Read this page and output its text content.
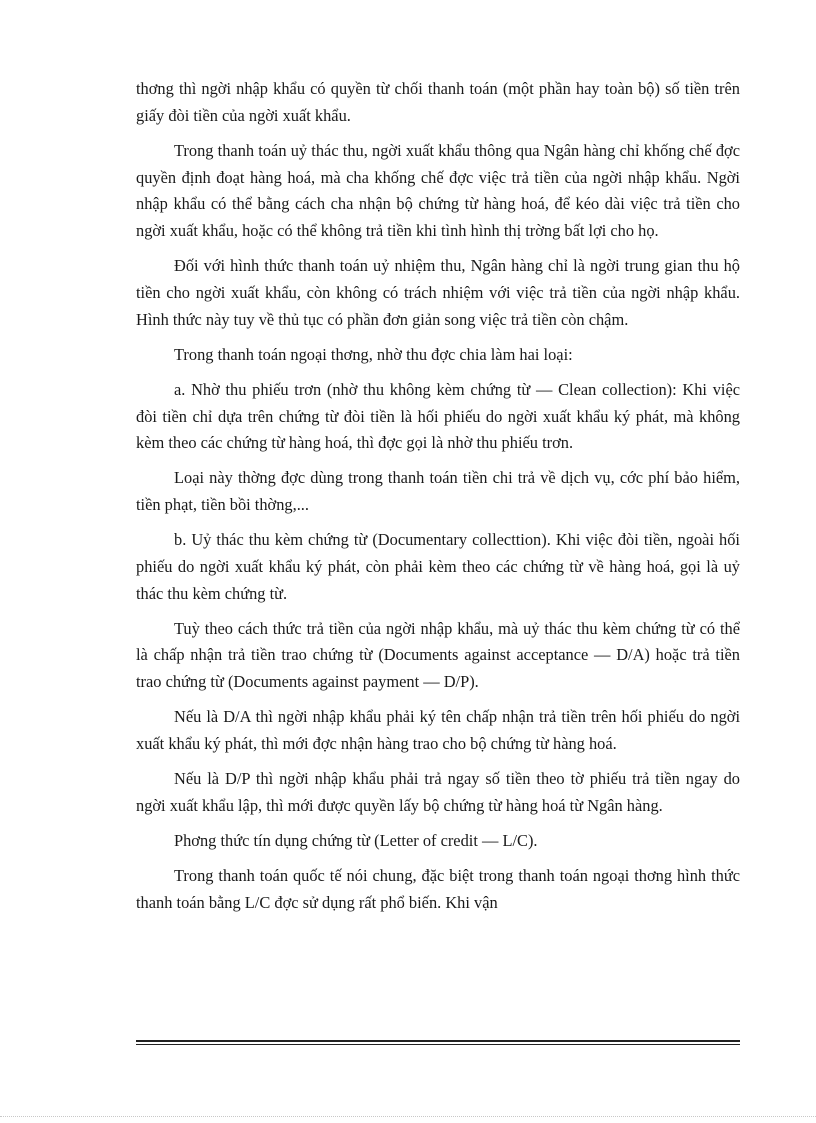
thơng thì ngời nhập khẩu có quyền từ chối thanh toán (một phần hay toàn bộ) số tiền trên giấy đòi tiền của ngời xuất khẩu.

Trong thanh toán uỷ thác thu, ngời xuất khẩu thông qua Ngân hàng chỉ khống chế đợc quyền định đoạt hàng hoá, mà cha khống chế đợc việc trả tiền của ngời nhập khẩu. Ngời nhập khẩu có thể bằng cách cha nhận bộ chứng từ hàng hoá, để kéo dài việc trả tiền cho ngời xuất khẩu, hoặc có thể không trả tiền khi tình hình thị trờng bất lợi cho họ.

Đối với hình thức thanh toán uỷ nhiệm thu, Ngân hàng chỉ là ngời trung gian thu hộ tiền cho ngời xuất khẩu, còn không có trách nhiệm với việc trả tiền của ngời nhập khẩu. Hình thức này tuy về thủ tục có phần đơn giản song việc trả tiền còn chậm.

Trong thanh toán ngoại thơng, nhờ thu đợc chia làm hai loại:

a. Nhờ thu phiếu trơn (nhờ thu không kèm chứng từ — Clean collection): Khi việc đòi tiền chỉ dựa trên chứng từ đòi tiền là hối phiếu do ngời xuất khẩu ký phát, mà không kèm theo các chứng từ hàng hoá, thì đợc gọi là nhờ thu phiếu trơn.

Loại này thờng đợc dùng trong thanh toán tiền chi trả về dịch vụ, cớc phí bảo hiểm, tiền phạt, tiền bồi thờng,...

b. Uỷ thác thu kèm chứng từ (Documentary collecttion). Khi việc đòi tiền, ngoài hối phiếu do ngời xuất khẩu ký phát, còn phải kèm theo các chứng từ về hàng hoá, gọi là uỷ thác thu kèm chứng từ.

Tuỳ theo cách thức trả tiền của ngời nhập khẩu, mà uỷ thác thu kèm chứng từ có thể là chấp nhận trả tiền trao chứng từ (Documents against acceptance — D/A) hoặc trả tiền trao chứng từ (Documents against payment — D/P).

Nếu là D/A thì ngời nhập khẩu phải ký tên chấp nhận trả tiền trên hối phiếu do ngời xuất khẩu ký phát, thì mới đợc nhận hàng trao cho bộ chứng từ hàng hoá.

Nếu là D/P thì ngời nhập khẩu phải trả ngay số tiền theo tờ phiếu trả tiền ngay do ngời xuất khẩu lập, thì mới được quyền lấy bộ chứng từ hàng hoá từ Ngân hàng.

Phơng thức tín dụng chứng từ (Letter of credit — L/C).

Trong thanh toán quốc tế nói chung, đặc biệt trong thanh toán ngoại thơng hình thức thanh toán bằng L/C đợc sử dụng rất phổ biến. Khi vận
